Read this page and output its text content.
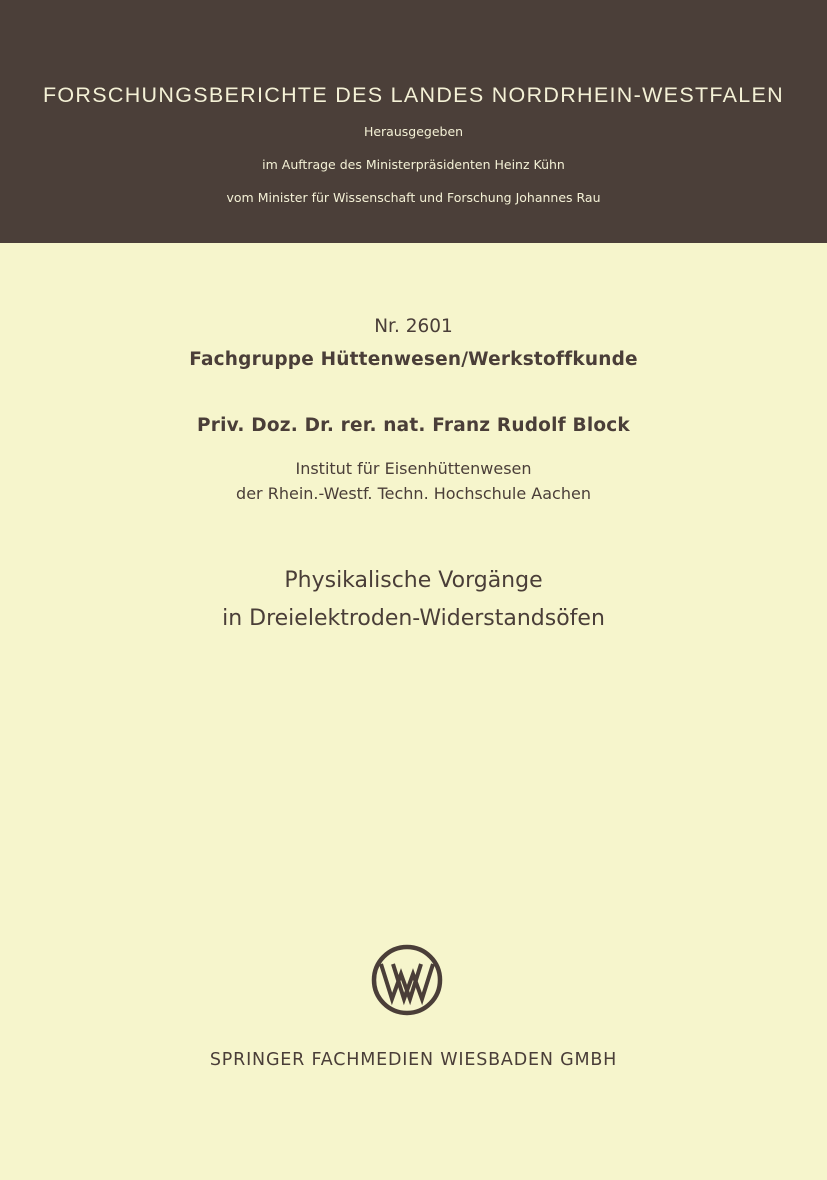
FORSCHUNGSBERICHTE DES LANDES NORDRHEIN-WESTFALEN
Herausgegeben
im Auftrage des Ministerpräsidenten Heinz Kühn
vom Minister für Wissenschaft und Forschung Johannes Rau
Nr. 2601
Fachgruppe Hüttenwesen/Werkstoffkunde
Priv. Doz. Dr. rer. nat. Franz Rudolf Block
Institut für Eisenhüttenwesen
der Rhein.-Westf. Techn. Hochschule Aachen
Physikalische Vorgänge
in Dreielektroden-Widerstandsöfen
SPRINGER FACHMEDIEN WIESBADEN GMBH
